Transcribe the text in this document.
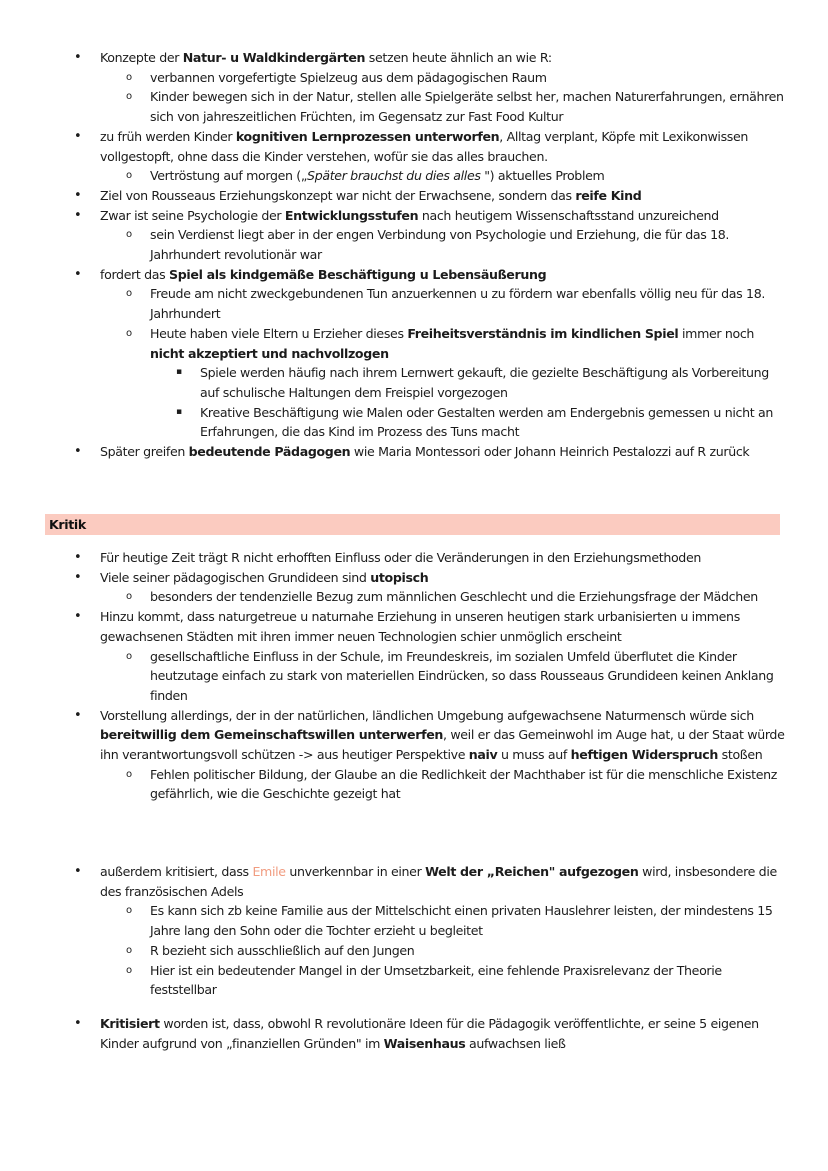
• Konzepte der Natur- u Waldkindergärten setzen heute ähnlich an wie R:
o verbannen vorgefertigte Spielzeug aus dem pädagogischen Raum
o Kinder bewegen sich in der Natur, stellen alle Spielgeräte selbst her, machen Naturerfahrungen, ernähren sich von jahreszeitlichen Früchten, im Gegensatz zur Fast Food Kultur
• zu früh werden Kinder kognitiven Lernprozessen unterworfen, Alltag verplant, Köpfe mit Lexikonwissen vollgestopft, ohne dass die Kinder verstehen, wofür sie das alles brauchen.
o Vertröstung auf morgen („Später brauchst du dies alles ") aktuelles Problem
• Ziel von Rousseaus Erziehungskonzept war nicht der Erwachsene, sondern das reife Kind
• Zwar ist seine Psychologie der Entwicklungsstufen nach heutigem Wissenschaftsstand unzureichend
o sein Verdienst liegt aber in der engen Verbindung von Psychologie und Erziehung, die für das 18. Jahrhundert revolutionär war
• fordert das Spiel als kindgemäße Beschäftigung u Lebensäußerung
o Freude am nicht zweckgebundenen Tun anzuerkennen u zu fördern war ebenfalls völlig neu für das 18. Jahrhundert
o Heute haben viele Eltern u Erzieher dieses Freiheitsverständnis im kindlichen Spiel immer noch nicht akzeptiert und nachvollzogen
▪ Spiele werden häufig nach ihrem Lernwert gekauft, die gezielte Beschäftigung als Vorbereitung auf schulische Haltungen dem Freispiel vorgezogen
▪ Kreative Beschäftigung wie Malen oder Gestalten werden am Endergebnis gemessen u nicht an Erfahrungen, die das Kind im Prozess des Tuns macht
• Später greifen bedeutende Pädagogen wie Maria Montessori oder Johann Heinrich Pestalozzi auf R zurück
Kritik
• Für heutige Zeit trägt R nicht erhofften Einfluss oder die Veränderungen in den Erziehungsmethoden
• Viele seiner pädagogischen Grundideen sind utopisch
o besonders der tendenzielle Bezug zum männlichen Geschlecht und die Erziehungsfrage der Mädchen
• Hinzu kommt, dass naturgetreue u naturnahe Erziehung in unseren heutigen stark urbanisierten u immens gewachsenen Städten mit ihren immer neuen Technologien schier unmöglich erscheint
o gesellschaftliche Einfluss in der Schule, im Freundeskreis, im sozialen Umfeld überflutet die Kinder heutzutage einfach zu stark von materiellen Eindrücken, so dass Rousseaus Grundideen keinen Anklang finden
• Vorstellung allerdings, der in der natürlichen, ländlichen Umgebung aufgewachsene Naturmensch würde sich bereitwillig dem Gemeinschaftswillen unterwerfen, weil er das Gemeinwohl im Auge hat, u der Staat würde ihn verantwortungsvoll schützen -> aus heutiger Perspektive naiv u muss auf heftigen Widerspruch stoßen
o Fehlen politischer Bildung, der Glaube an die Redlichkeit der Machthaber ist für die menschliche Existenz gefährlich, wie die Geschichte gezeigt hat
• außerdem kritisiert, dass Emile unverkennbar in einer Welt der „Reichen" aufgezogen wird, insbesondere die des französischen Adels
o Es kann sich zb keine Familie aus der Mittelschicht einen privaten Hauslehrer leisten, der mindestens 15 Jahre lang den Sohn oder die Tochter erzieht u begleitet
o R bezieht sich ausschließlich auf den Jungen
o Hier ist ein bedeutender Mangel in der Umsetzbarkeit, eine fehlende Praxisrelevanz der Theorie feststellbar
• Kritisiert worden ist, dass, obwohl R revolutionäre Ideen für die Pädagogik veröffentlichte, er seine 5 eigenen Kinder aufgrund von „finanziellen Gründen" im Waisenhaus aufwachsen ließ
